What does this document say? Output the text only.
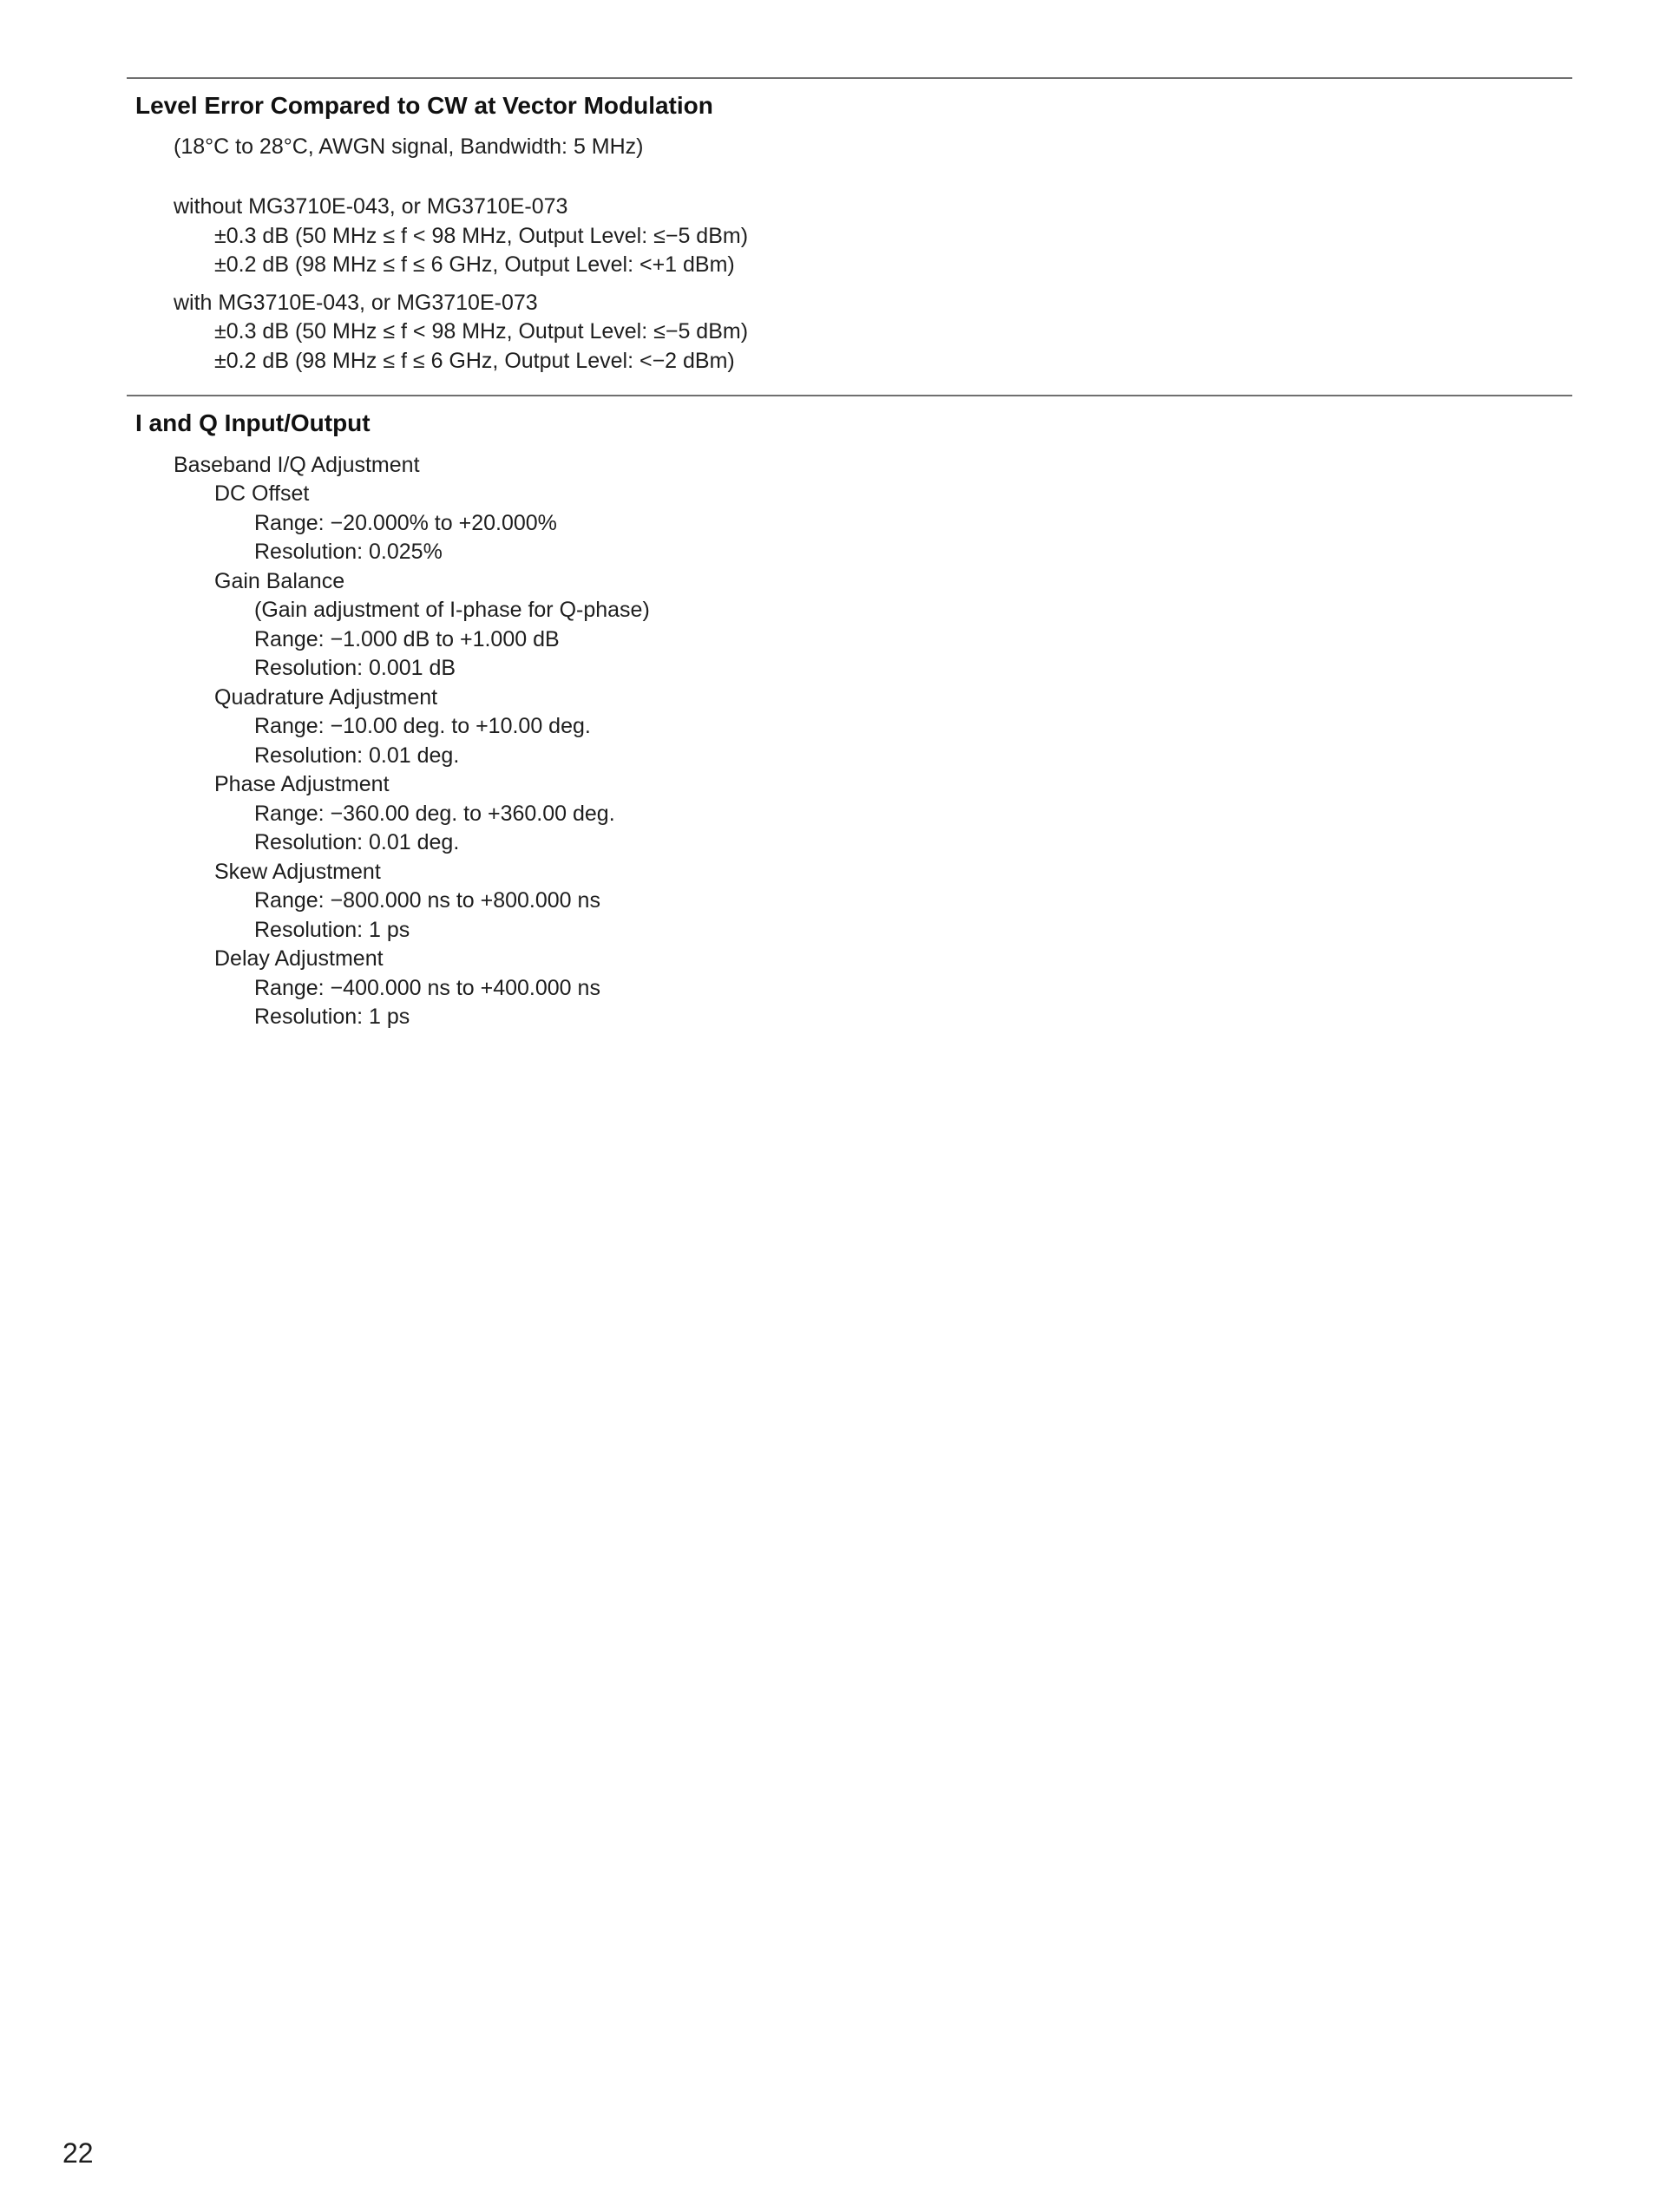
Level Error Compared to CW at Vector Modulation

(18°C to 28°C, AWGN signal, Bandwidth: 5 MHz)

without MG3710E-043, or MG3710E-073

±0.3 dB (50 MHz ≤ f < 98 MHz, Output Level: ≤−5 dBm)

±0.2 dB (98 MHz ≤ f ≤ 6 GHz, Output Level: <+1 dBm)

with MG3710E-043, or MG3710E-073

±0.3 dB (50 MHz ≤ f < 98 MHz, Output Level: ≤−5 dBm)

±0.2 dB (98 MHz ≤ f ≤ 6 GHz, Output Level: <−2 dBm)

I and Q Input/Output

Baseband I/Q Adjustment

DC Offset

Range: −20.000% to +20.000%

Resolution: 0.025%

Gain Balance

(Gain adjustment of I-phase for Q-phase)

Range: −1.000 dB to +1.000 dB

Resolution: 0.001 dB

Quadrature Adjustment

Range: −10.00 deg. to +10.00 deg.

Resolution: 0.01 deg.

Phase Adjustment

Range: −360.00 deg. to +360.00 deg.

Resolution: 0.01 deg.

Skew Adjustment

Range: −800.000 ns to +800.000 ns

Resolution: 1 ps

Delay Adjustment

Range: −400.000 ns to +400.000 ns

Resolution: 1 ps

22
